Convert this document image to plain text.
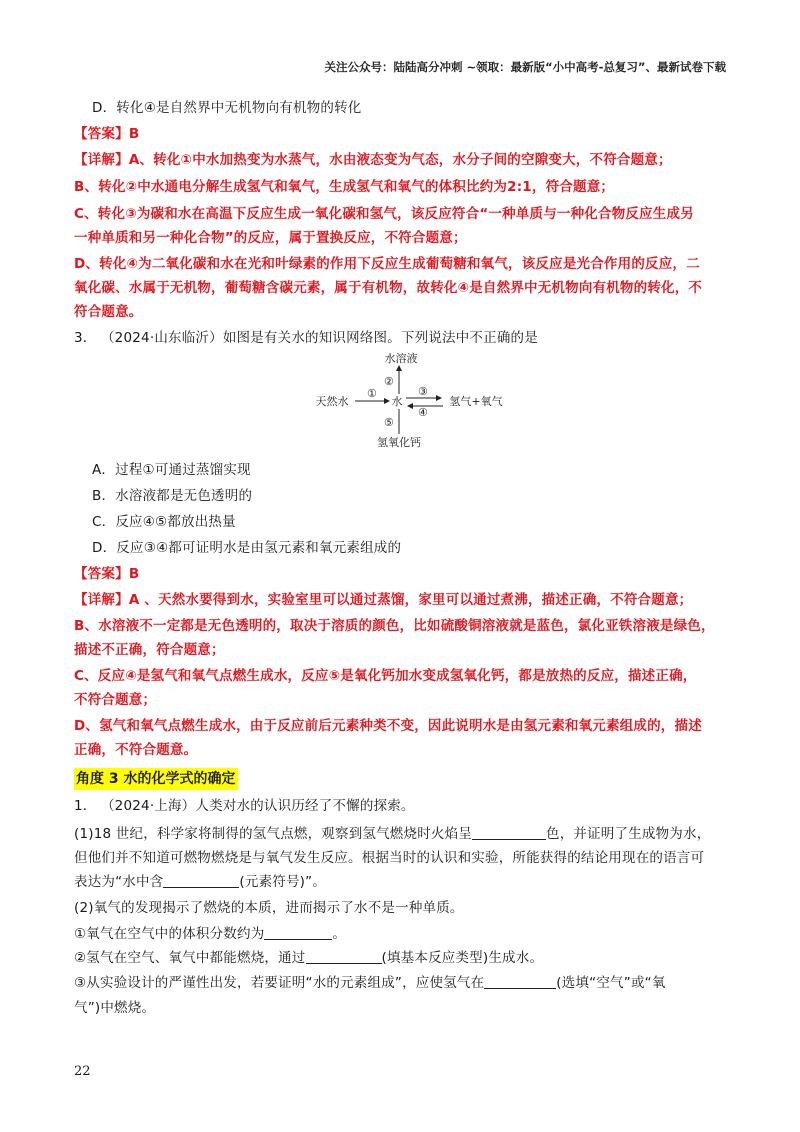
关注公众号：陆陆高分冲刺 ~领取：最新版“小中高考-总复习”、最新试卷下载
D．转化④是自然界中无机物向有机物的转化
【答案】B
【详解】A、转化①中水加热变为水蒸气，水由液态变为气态，水分子间的空隙变大，不符合题意；
B、转化②中水通电分解生成氢气和氧气，生成氢气和氧气的体积比约为2:1，符合题意；
C、转化③为碳和水在高温下反应生成一氧化碳和氢气，该反应符合“一种单质与一种化合物反应生成另
一种单质和另一种化合物”的反应，属于置换反应，不符合题意；
D、转化④为二氧化碳和水在光和叶绿素的作用下反应生成葡萄糖和氧气，该反应是光合作用的反应，二
氧化碳、水属于无机物，葡萄糖含碳元素，属于有机物，故转化④是自然界中无机物向有机物的转化，不
符合题意。
3． （2024·山东临沂）如图是有关水的知识网络图。下列说法中不正确的是
水溶液
天然水	水	氢气+氧气
氢氧化钙
①
②
③
④
⑤
A．过程①可通过蒸馏实现
B．水溶液都是无色透明的
C．反应④⑤都放出热量
D．反应③④都可证明水是由氢元素和氧元素组成的
【答案】B
【详解】A 、天然水要得到水，实验室里可以通过蒸馏，家里可以通过煮沸，描述正确，不符合题意；
B、水溶液不一定都是无色透明的，取决于溶质的颜色，比如硫酸铜溶液就是蓝色，氯化亚铁溶液是绿色，
描述不正确，符合题意；
C、反应④是氢气和氧气点燃生成水，反应⑤是氧化钙加水变成氢氧化钙，都是放热的反应，描述正确，
不符合题意；
D、氢气和氧气点燃生成水，由于反应前后元素种类不变，因此说明水是由氢元素和氧元素组成的，描述
正确，不符合题意。
角度 3 水的化学式的确定
1． （2024·上海）人类对水的认识历经了不懈的探索。
(1)18 世纪，科学家将制得的氢气点燃，观察到氢气燃烧时火焰呈	色，并证明了生成物为水，
但他们并不知道可燃物燃烧是与氧气发生反应。根据当时的认识和实验，所能获得的结论用现在的语言可
表达为“水中含	(元素符号)”。
(2)氧气的发现揭示了燃烧的本质，进而揭示了水不是一种单质。
①氧气在空气中的体积分数约为	。
②氢气在空气、氧气中都能燃烧，通过	(填基本反应类型)生成水。
③从实验设计的严谨性出发，若要证明“水的元素组成”，应使氢气在	(选填“空气”或“氧
气”)中燃烧。
22
